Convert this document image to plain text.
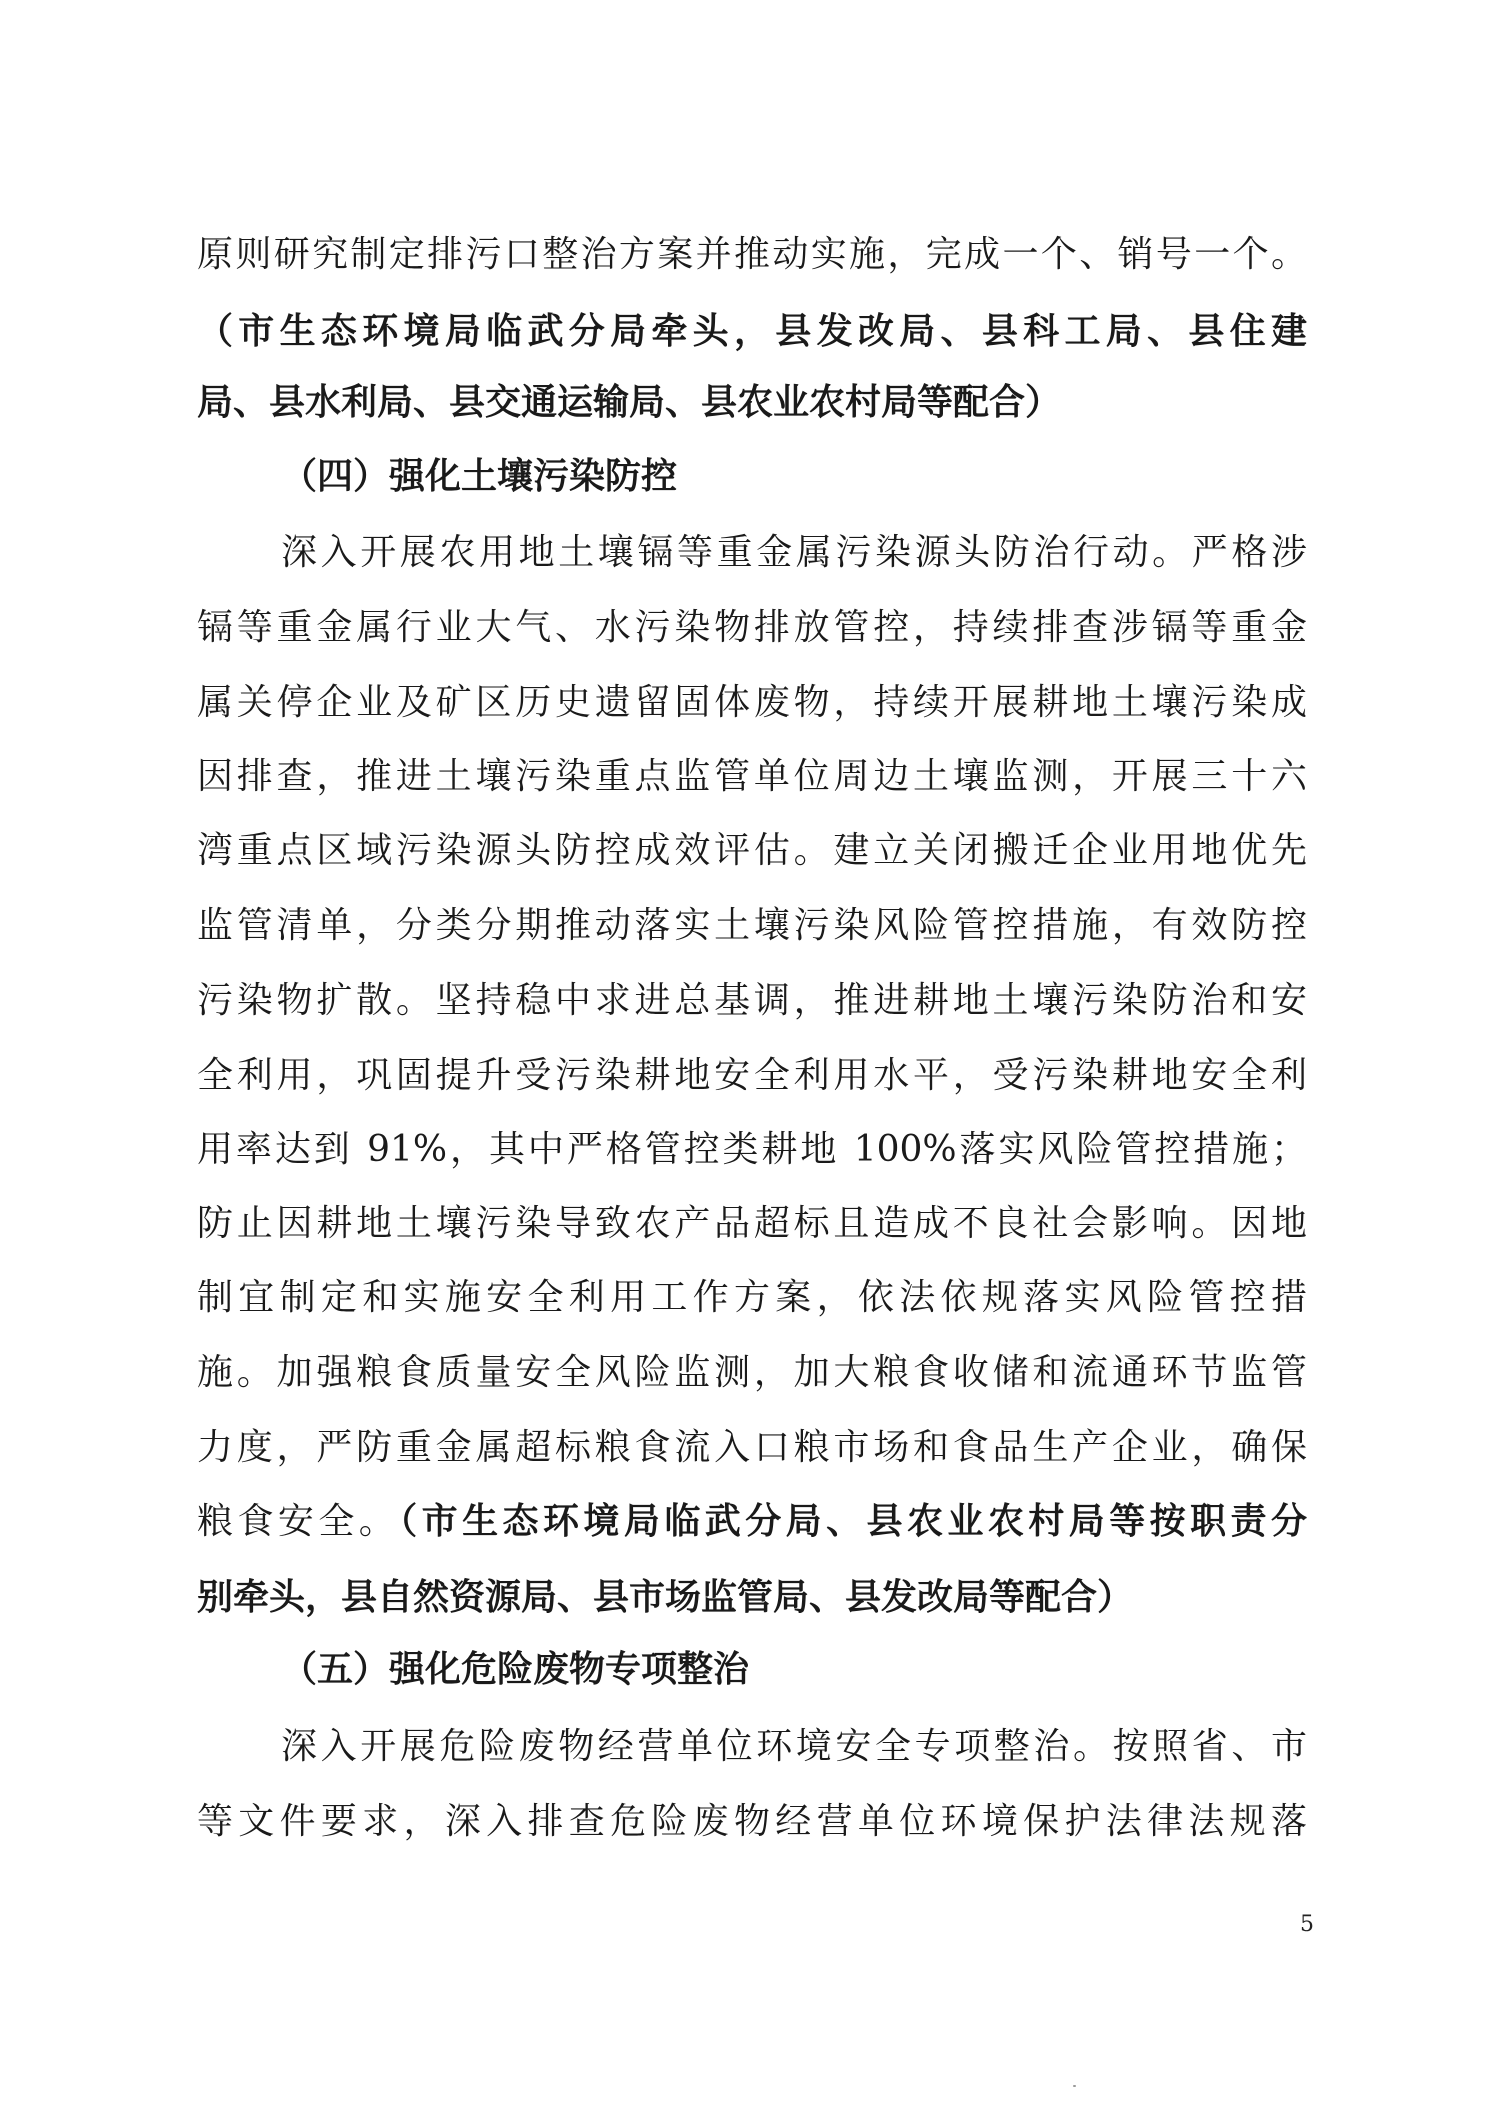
原则研究制定排污口整治方案并推动实施，完成一个、销号一个。
（市生态环境局临武分局牵头，县发改局、县科工局、县住建
局、县水利局、县交通运输局、县农业农村局等配合）
（四）强化土壤污染防控
深入开展农用地土壤镉等重金属污染源头防治行动。严格涉
镉等重金属行业大气、水污染物排放管控，持续排查涉镉等重金
属关停企业及矿区历史遗留固体废物，持续开展耕地土壤污染成
因排查，推进土壤污染重点监管单位周边土壤监测，开展三十六
湾重点区域污染源头防控成效评估。建立关闭搬迁企业用地优先
监管清单，分类分期推动落实土壤污染风险管控措施，有效防控
污染物扩散。坚持稳中求进总基调，推进耕地土壤污染防治和安
全利用，巩固提升受污染耕地安全利用水平，受污染耕地安全利
用率达到 91%，其中严格管控类耕地 100%落实风险管控措施；
防止因耕地土壤污染导致农产品超标且造成不良社会影响。因地
制宜制定和实施安全利用工作方案，依法依规落实风险管控措
施。加强粮食质量安全风险监测，加大粮食收储和流通环节监管
力度，严防重金属超标粮食流入口粮市场和食品生产企业，确保
粮食安全。（市生态环境局临武分局、县农业农村局等按职责分
别牵头，县自然资源局、县市场监管局、县发改局等配合）
（五）强化危险废物专项整治
深入开展危险废物经营单位环境安全专项整治。按照省、市
等文件要求，深入排查危险废物经营单位环境保护法律法规落
5
